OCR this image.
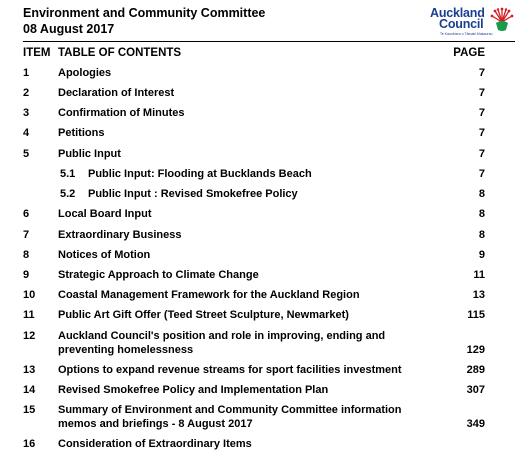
Environment and Community Committee
08 August 2017
Auckland
Council
Te Kaunihera o Tāmaki Makaurau
ITEM TABLE OF CONTENTS	PAGE
1	Apologies	7
2	Declaration of Interest	7
3	Confirmation of Minutes	7
4	Petitions	7
5	Public Input	7
5.1 Public Input: Flooding at Bucklands Beach	7
5.2 Public Input : Revised Smokefree Policy	8
6	Local Board Input	8
7	Extraordinary Business	8
8	Notices of Motion	9
9	Strategic Approach to Climate Change	11
10 Coastal Management Framework for the Auckland Region	13
11 Public Art Gift Offer (Teed Street Sculpture, Newmarket)	115
12 Auckland Council's position and role in improving, ending and preventing homelessness	129
13 Options to expand revenue streams for sport facilities investment	289
14 Revised Smokefree Policy and Implementation Plan	307
15 Summary of Environment and Community Committee information memos and briefings - 8 August 2017	349
16 Consideration of Extraordinary Items
